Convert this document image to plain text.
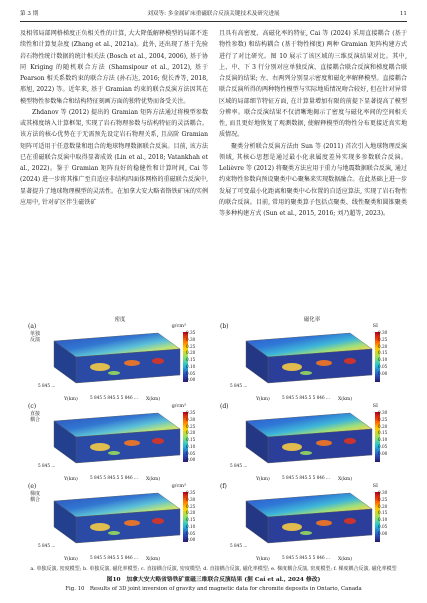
第 3 期	刘双等: 多金属矿床重磁联合反演关键技术及研究进展	11

及相邻局部网格梯度正负相关性的计算, 大大降低解释模型的局部不连续性和计算复杂度 (Zhang et al., 2021a)。此外, 还出现了基于先验岩石物性统计数据的统计相关法 (Bosch et al., 2004, 2006), 基于协同 Kriging 的随机联合方法 (Shamsipour et al., 2012), 基于 Pearson 相关系数约束的联合方法 (孙石达, 2016; 倪长香等, 2018, 邢旭, 2022) 等。近年来, 基于 Gramian 约束的联合反演方法因其在模型物性参数集合和结构特征刻画方面的独特优势而备受关注。

Zhdanov 等 (2012) 提出的 Gramian 矩阵方法通过将模型参数或其梯度纳入计算框架, 实现了岩石物理参数与结构特征的灵活耦合。该方法的核心优势在于无需预先设定岩石物理关系, 且高阶 Gramian 矩阵可适用于任意数量和组合的地球物理数据联合反演。目前, 该方法已在重磁联合反演中取得显著成效 (Lin et al., 2018; Vatankhah et al., 2022)。鉴于 Gramian 矩阵良好的稳健性和计算时间, Cai 等 (2024) 进一步将其推广至自适应非结构四面体网格的重磁联合反演中, 显著提升了地球物理模型的灵活性。在加拿大安大略省铬铁矿床的实例应用中, 针对矿区伴生磁铁矿

且具有高密度、高磁化率的特征, Cai 等 (2024) 采用直接耦合 (基于物性参数) 和结构耦合 (基于物性梯度) 两种 Gramian 矩阵构建方式进行了对比研究。图 10 展示了该区域的三维反演结果对比。其中, 上、中、下 3 行分别对应单独反演、直接耦合联合反演和梯度耦合联合反演的结果; 左、右两列分别显示密度和磁化率解释模型。直接耦合联合反演所得的两种物性模型与实际地质情况吻合较好, 但在针对异常区域的局部细节特征方面, 在计算量增加有限的前提下显著提高了模型分辨率。联合反演结果不仅清晰地揭示了密度与磁化率间的空间相关性, 而且更好地恢复了观测数据, 使解释模型的物性分布更接近真实地质情况。

聚类分析联合反演方法由 Sun 等 (2011) 首次引入地球物理反演领域, 其核心思想是通过最小化隶属度差异实现多参数联合反演。Lelièvre 等 (2012) 将聚类方法应用于重力与地震数据联合反演, 通过约束物性参数向预设聚类中心聚集来实现数据融合。在此基础上进一步发展了可变最小化距离和聚类中心位置的自适应算法, 实现了岩石物性的联合反演。目前, 常用的聚类算子包括点聚类、线性聚类和圆锥聚类等多种构建方式 (Sun et al., 2015, 2016; 刘乃超等, 2023)。

密度	磁化率
(a)
单独反演
g/cm³
0.35
0.30
0.25
0.20
0.15
0.10
0.05
0.00
5 845 ...
5 845 5 845.5 5 846 ...
Y(km)	X(km)
(b)	SI
0.30
0.25
0.20
0.15
0.10
0.05
0.00
5 845 ...
5 845 5 845.5 5 846 ...
Y(km)	X(km)
(c)
直接耦合
g/cm³
0.35
0.30
0.25
0.20
0.15
0.10
0.05
0.00
5 845 ...
5 845 5 845.5 5 846 ...
Y(km)	X(km)
(d)	SI
0.30
0.25
0.20
0.15
0.10
0.05
0.00
5 845 ...
5 845 5 845.5 5 846 ...
Y(km)	X(km)
(e)
梯度耦合
g/cm³
0.35
0.30
0.25
0.20
0.15
0.10
0.05
0.00
5 845 ...
5 845 5 845.5 5 846 ...
Y(km)	X(km)
(f)	SI
0.30
0.25
0.20
0.15
0.10
0.05
0.00
5 845 ...
5 845 5 845.5 5 846 ...
Y(km)	X(km)
a. 单独反演, 密度模型; b. 单独反演, 磁化率模型; c. 直接耦合反演, 密度模型; d. 直接耦合反演, 磁化率模型; e. 梯度耦合反演, 密度模型; f. 梯度耦合反演, 磁化率模型
图10　加拿大安大略省铬铁矿重磁三维联合反演结果 (据 Cai et al., 2024 修改)
Fig. 10　Results of 3D joint inversion of gravity and magnetic data for chromite deposits in Ontario, Canada
